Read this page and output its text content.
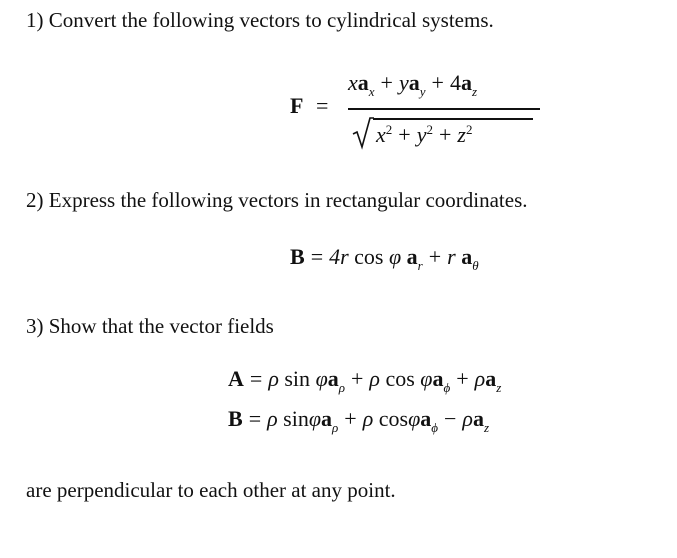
1) Convert the following vectors to cylindrical systems.
F =
$xa_x + ya_y + 4a_z$
$x^2 + y^2 + z^2$
2) Express the following vectors in rectangular coordinates.
B = 4r cos φ $a_r + r$ $a_\theta$
3) Show that the vector fields
A = ρ $\sin \varphi a_\rho + \rho$ $\cos \varphi a_\phi + \rho a_z$
B = ρ sinφa$_\rho$ + ρ $\cos\varphi a_\phi - \rho a_z$
are perpendicular to each other at any point.
